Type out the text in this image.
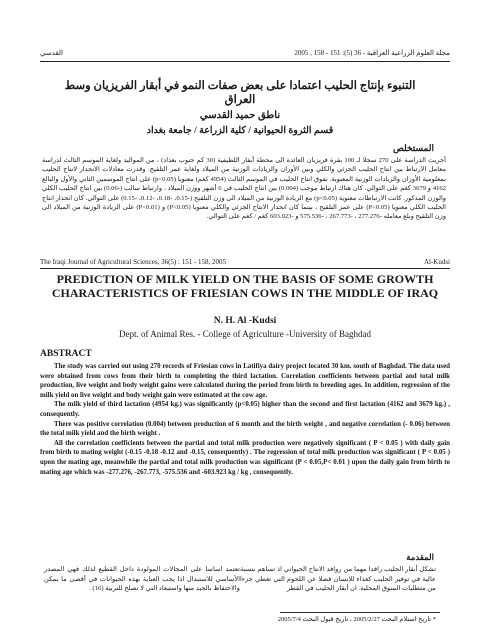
القدسي	مجلة العلوم الزراعية العراقية - 36 (5): 151 - 158 , 2005
التنبوء بإنتاج الحليب اعتمادا على بعض صفات النمو في أبقار الفريزيان وسط العراق
ناطق حميد القدسي
قسم الثروة الحيوانية / كلية الزراعة / جامعة بغداد
المستخلص
أجريت الدراسة على 270 سجلا لـ 100 بقرة فريزيان العائدة الى محطة أبقار اللطيفية (30 كم جنوب بغداد) ، من المواليد ولغاية الموسم الثالث لدراسة معامل الارتباط بين انتاج الحليب الجزئي والكلي وبين الأوزان والزيادات الوزنية من الميلاد ولغاية عمر التلقيح. وقدرت معادلات الانحدار لانتاج الحليب بمعلومية الأوزان والزيادات الوزنية المعنوية. تفوق انتاج الحليب في الموسم الثالث (4954 كغم) معنويا (p<0.05) على انتاج الموسمين الثاني والأول والبالغ 4162 و 3679 كغم على التوالي. كان هناك ارتباط موجب (0.004) بين انتاج الحليب في 6 أشهر ووزن الميلاد ، وارتباط سالب (-0.06) بين انتاج الحليب الكلي والوزن المذكور. كانت الارتباطات معنوية (p<0.05) مع الزيادة الوزنية من الميلاد الى وزن التلقيح (-0.15، -0.18، -0.12، -0.15) على التوالي. كان انحدار انتاج الحليب الكلي معنويا (P<0.05) على عمر التلقيح ، بينما كان انحدار الانتاج الجزئي والكلي معنويا (P<0.05) و (P<0.01) على الزيادة الوزنية من الميلاد الى وزن التلقيح وبلغ معامله -277.276 ، -267.773 ، -575.536 و -603.923 كغم / كغم على التوالي.
The Iraqi Journal of Agricultural Sciences, 36(5) : 151 - 158, 2005	Al-Kudsi
PREDICTION OF MILK YIELD ON THE BASIS OF SOME GROWTH CHARACTERISTICS OF FRIESIAN COWS IN THE MIDDLE OF IRAQ
N. H. Al -Kudsi
Dept. of Animal Res. - College of Agriculture -University of Baghdad
ABSTRACT

The study was carried out using 270 records of Friesian cows in Latifiya dairy project located 30 km. south of Baghdad. The data used were obtained from cows from their birth to completing the third lactation. Correlation coefficients between partial and total milk production, live weight and body weight gains were calculated during the period from birth to breeding ages. In addition, regression of the milk yield on live weight and body weight gain were estimated at the cow age.

The milk yield of third lactation (4954 kg.) was significantly (p<0.05) higher than the second and first lactation (4162 and 3679 kg.) , consequently.

There was positive correlation (0.004) between production of 6 month and the birth weight , and negative correlation (- 0.06) between the total milk yield and the birth weight .

All the correlation coefficients between the partial and total milk production were negatively significant ( P < 0.05 ) with daily gain from birth to mating weight (-0.15 -0.18 -0.12 and -0.15, consequently) . The regression of total milk production was significant ( P < 0.05 ) upon the mating age, meanwhile the partial and total milk production was significant (P < 0.05,P< 0.01 ) upon the daily gain from birth to mating age which was -277.276, -267.773, -575.536 and -603.923 kg / kg , consequently.

المقدمة
تشكل أبقار الحليب رافدا مهما من روافد الانتاج الحيواني اذ تساهم بنسبة عالية في توفير الحليب كغذاء للانسان فضلا عن اللحوم التي تغطي جزءا من متطلبات السوق المحلية. ان أبقار الحليب في القطر
تعتمد اساسا على المجالات المولودة داخل القطيع لذلك فهي المصدر الأساسي للاستبدال اذا يجب العناية بهذه الحيوانات في أقصى ما يمكن والاحتفاظ بالجيد منها واستبعاد التي لا تصلح للتربية (16) .
* تاريخ استلام البحث 2005/2/27 ، تاريخ قبول البحث 2005/7/4
